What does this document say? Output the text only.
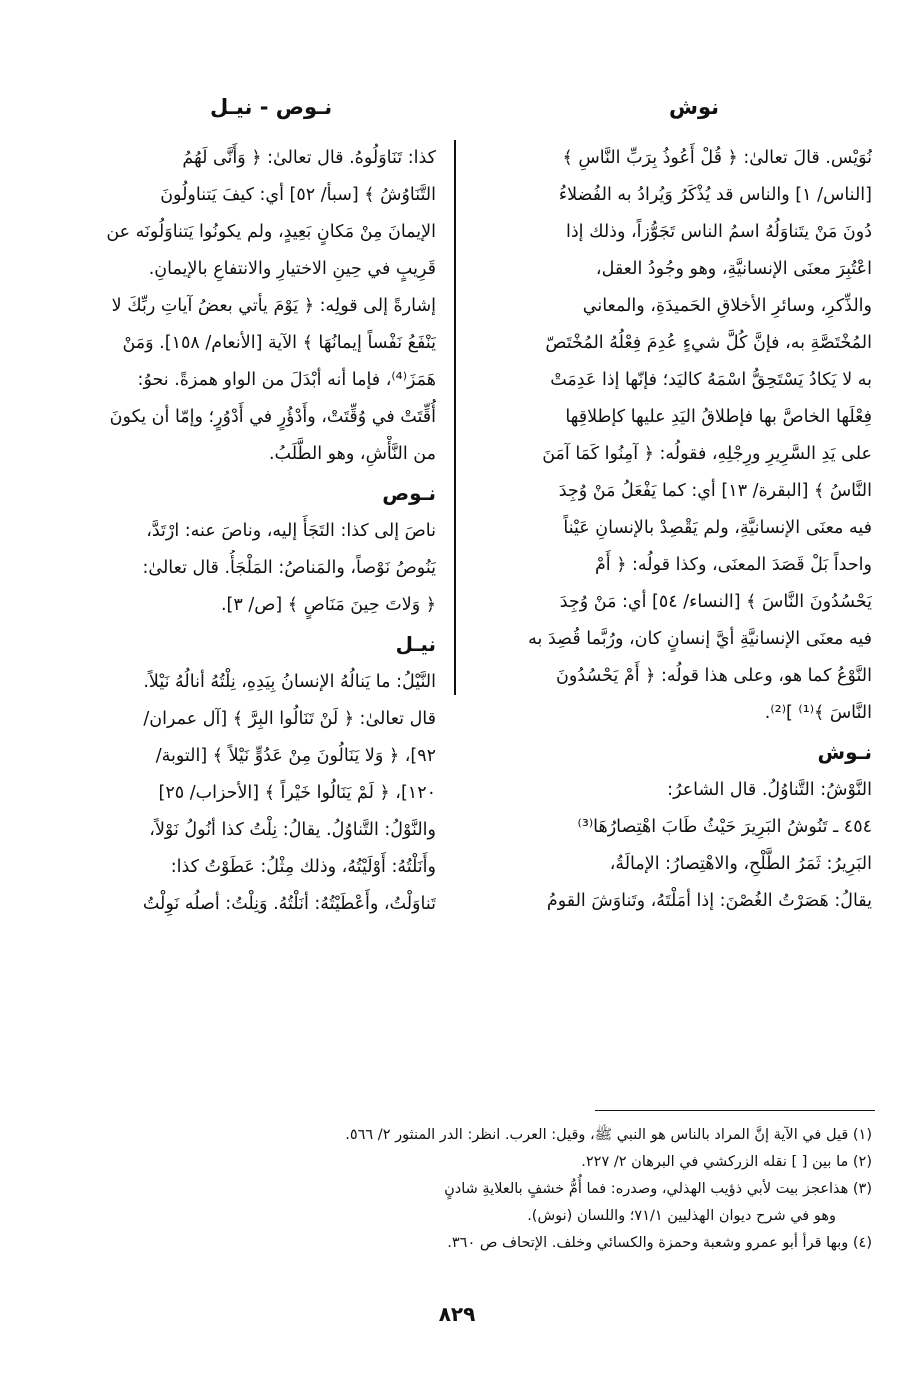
نوش
نـوص - نيـل

نُوَيْس. قالَ تعالىٰ: ﴿ قُلْ أَعُوذُ بِرَبِّ النَّاسِ ﴾

[الناس/ ١] والناس قد يُذْكَرُ وَيُرادُ به الفُضلاءُ

دُونَ مَنْ يتَناوَلُهُ اسمُ الناس تَجَوُّزاً، وذلك إذا

اعْتُبِرَ معنَى الإنسانيَّةِ، وهو وجُودُ العقل،

والذِّكرِ، وسائرِ الأخلاقِ الحَميدَةِ، والمعاني

المُخْتَصَّةِ به، فإنَّ كُلَّ شيءٍ عُدِمَ فِعْلُهُ المُخْتَصّ

به لا يَكادُ يَسْتَحِقُّ اسْمَهُ كاليَد؛ فإنّها إذا عَدِمَتْ

فِعْلَها الخاصَّ بها فإطلاقُ اليَدِ عليها كإطلاقِها

على يَدِ السَّرِيرِ ورِجْلِهِ، فقولُه: ﴿ آمِنُوا كَمَا آمَنَ

النَّاسُ ﴾ [البقرة/ ١٣] أي: كما يَفْعَلُ مَنْ وُجِدَ

فيه معنَى الإنسانيَّةِ، ولم يَقْصِدْ بالإنسانِ عَيْناً

واحداً بَلْ قَصَدَ المعنَى، وكذا قولُه: ﴿ أَمْ

يَحْسُدُونَ النَّاسَ ﴾ [النساء/ ٥٤] أي: مَنْ وُجِدَ

فيه معنَى الإنسانيَّةِ أيَّ إنسانٍ كان، ورُبَّما قُصِدَ به

النَّوْعُ كما هو، وعلى هذا قولُه: ﴿ أَمْ يَحْسُدُونَ

النَّاسَ ﴾⁽¹⁾ ]⁽²⁾.

نـوش

النَّوْشُ: التَّناوُلُ. قال الشاعرُ:

٤٥٤ ـ تَنُوشُ البَرِيرَ حَيْثُ طَابَ اهْتِصارُهَا⁽³⁾

البَرِيرُ: ثَمَرُ الطَّلْحِ، والاهْتِصارُ: الإمالَةُ،

يقالُ: هَصَرْتُ الغُصْنَ: إذا أمَلْتَهُ، وتَناوَشَ القومُ

كذا: تَنَاوَلُوهُ. قال تعالىٰ: ﴿ وَأَنَّى لَهُمُ

التَّنَاوُشُ ﴾ [سبأ/ ٥٢] أي: كيفَ يَتناولُونَ

الإيمانَ مِنْ مَكانٍ بَعِيدٍ، ولم يكونُوا يَتناوَلُونَه عن

قَرِيبٍ في حِينِ الاختيارِ والانتفاعِ بالإيمانِ.

إشارةً إلى قولِه: ﴿ يَوْمَ يأتي بعضُ آياتِ ربِّكَ لا

يَنْفَعُ نَفْساً إيمانُهَا ﴾ الآية [الأنعام/ ١٥٨]. وَمَنْ

هَمَزَ⁽⁴⁾، فإما أنه أبْدَلَ من الواو همزةً. نحوُ:

أُقِّتَتْ في وُقِّتَتْ، وأَدْؤُرٍ في أَدْوُرٍ؛ وإمّا أن يكونَ

من النَّأْشِ، وهو الطَّلَبُ.

نـوص

ناصَ إلى كذا: التَجَأَ إليه، وناصَ عنه: ارْتَدَّ،

يَنُوصُ نَوْصاً، والمَناصُ: المَلْجَأُ. قال تعالىٰ:

﴿ وَلاتَ حِينَ مَنَاصٍ ﴾ [ص/ ٣].

نيـل

النَّيْلُ: ما يَنالُهُ الإنسانُ بِيَدِهِ، نِلْتُهُ أنالُهُ نَيْلاً.

قال تعالىٰ: ﴿ لَنْ تَنَالُوا البِرَّ ﴾ [آل عمران/

٩٢]، ﴿ وَلا يَنَالُونَ مِنْ عَدُوٍّ نَيْلاً ﴾ [التوبة/

١٢٠]، ﴿ لَمْ يَنَالُوا خَيْراً ﴾ [الأحزاب/ ٢٥]

والنَّوْلُ: التَّناوُلُ. يقالُ: نِلْتُ كذا أنُولُ نَوْلاً،

وأَنَلْتُهُ: أَوْلَيْتُهُ، وذلك مِثْلُ: عَطَوْتُ كذا:

تَناوَلْتُ، وأَعْطَيْتُهُ: أنَلْتُهُ. وَنِلْتُ: أصلُه نَوِلْتُ

(١) قيل في الآية إنَّ المراد بالناس هو النبي ﷺ، وقيل: العرب. انظر: الدر المنثور ٢/ ٥٦٦.

(٢) ما بين [ ] نقله الزركشي في البرهان ٢/ ٢٢٧.

(٣) هذاعجز بيت لأبي ذؤيب الهذلي، وصدره: فما أُمُّ خشفٍ بالعلايةِ شادنٍ

وهو في شرح ديوان الهذليين ٧١/١؛ واللسان (نوش).

(٤) وبها قرأ أبو عمرو وشعبة وحمزة والكسائي وخلف. الإتحاف ص ٣٦٠.

٨٢٩
